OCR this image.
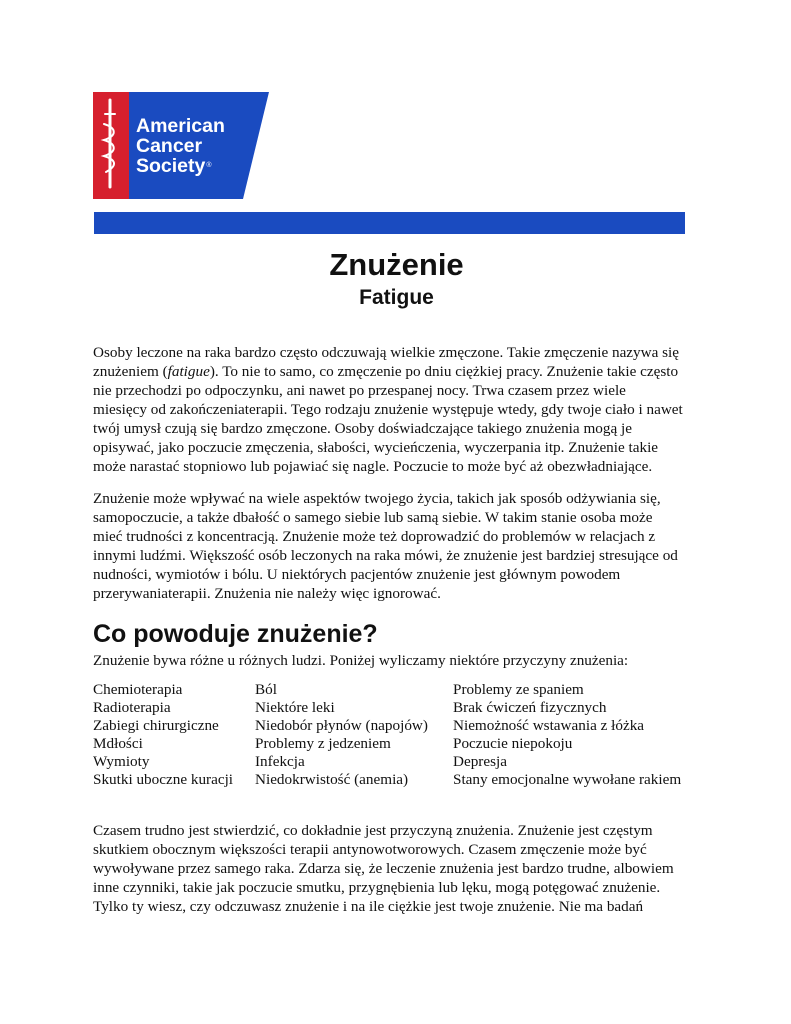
American
Cancer
Society®
Znużenie
Fatigue

Osoby leczone na raka bardzo często odczuwają wielkie zmęczone. Takie zmęczenie nazywa się
znużeniem (fatigue). To nie to samo, co zmęczenie po dniu ciężkiej pracy. Znużenie takie często
nie przechodzi po odpoczynku, ani nawet po przespanej nocy. Trwa czasem przez wiele
miesięcy od zakończeniaterapii. Tego rodzaju znużenie występuje wtedy, gdy twoje ciało i nawet
twój umysł czują się bardzo zmęczone. Osoby doświadczające takiego znużenia mogą je
opisywać, jako poczucie zmęczenia, słabości, wycieńczenia, wyczerpania itp. Znużenie takie
może narastać stopniowo lub pojawiać się nagle. Poczucie to może być aż obezwładniające.

Znużenie może wpływać na wiele aspektów twojego życia, takich jak sposób odżywiania się,
samopoczucie, a także dbałość o samego siebie lub samą siebie. W takim stanie osoba może
mieć trudności z koncentracją. Znużenie może też doprowadzić do problemów w relacjach z
innymi ludźmi. Większość osób leczonych na raka mówi, że znużenie jest bardziej stresujące od
nudności, wymiotów i bólu. U niektórych pacjentów znużenie jest głównym powodem
przerywaniaterapii. Znużenia nie należy więc ignorować.

Co powoduje znużenie?

Znużenie bywa różne u różnych ludzi. Poniżej wyliczamy niektóre przyczyny znużenia:

Chemioterapia
Radioterapia
Zabiegi chirurgiczne
Mdłości
Wymioty
Skutki uboczne kuracji
Ból
Niektóre leki
Niedobór płynów (napojów)
Problemy z jedzeniem
Infekcja
Niedokrwistość (anemia)
Problemy ze spaniem
Brak ćwiczeń fizycznych
Niemożność wstawania z łóżka
Poczucie niepokoju
Depresja
Stany emocjonalne wywołane rakiem

Czasem trudno jest stwierdzić, co dokładnie jest przyczyną znużenia. Znużenie jest częstym
skutkiem obocznym większości terapii antynowotworowych. Czasem zmęczenie może być
wywoływane przez samego raka. Zdarza się, że leczenie znużenia jest bardzo trudne, albowiem
inne czynniki, takie jak poczucie smutku, przygnębienia lub lęku, mogą potęgować znużenie.
Tylko ty wiesz, czy odczuwasz znużenie i na ile ciężkie jest twoje znużenie. Nie ma badań
